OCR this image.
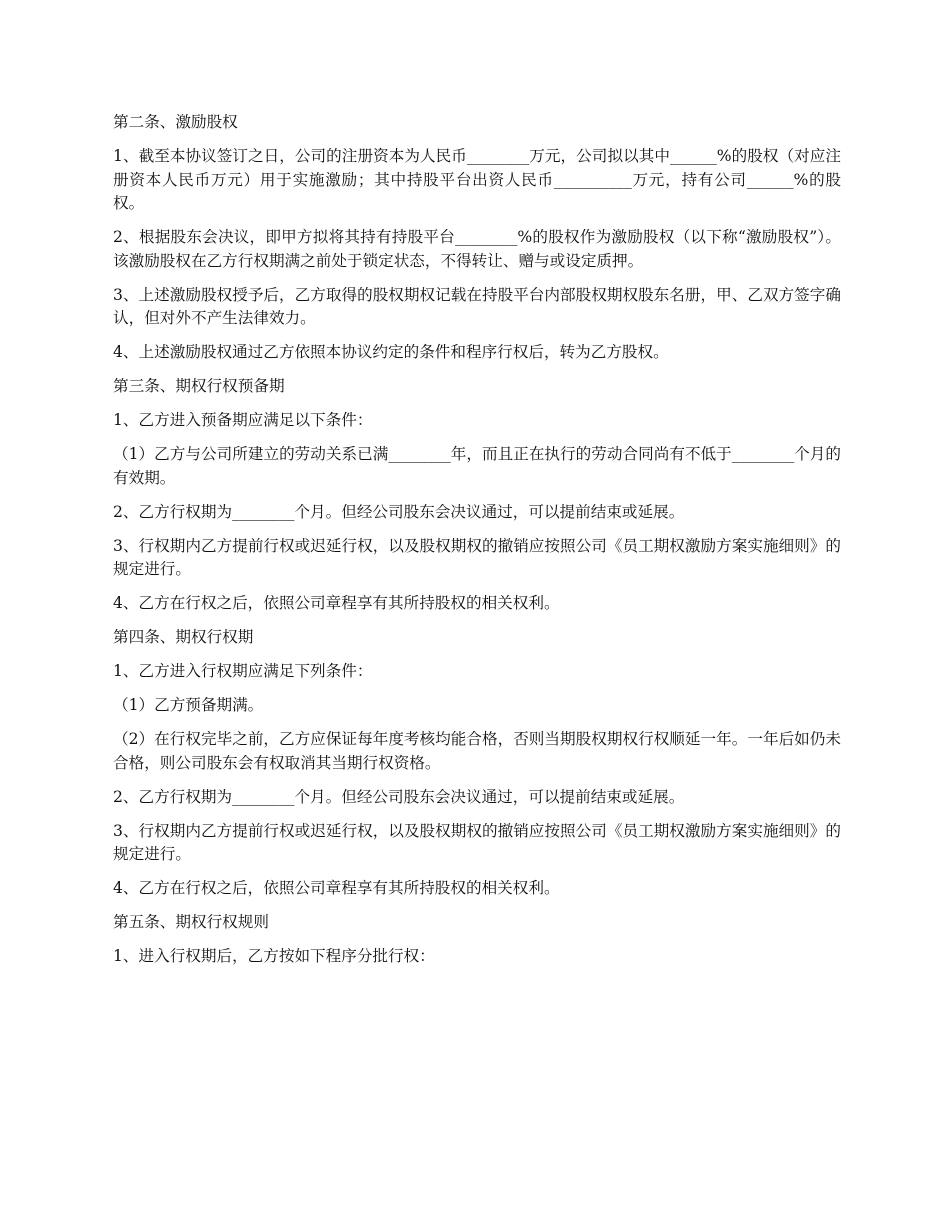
第二条、激励股权

1、截至本协议签订之日，公司的注册资本为人民币________万元，公司拟以其中______%的股权（对应注册资本人民币万元）用于实施激励；其中持股平台出资人民币__________万元，持有公司______%的股权。

2、根据股东会决议，即甲方拟将其持有持股平台________%的股权作为激励股权（以下称“激励股权”）。该激励股权在乙方行权期满之前处于锁定状态，不得转让、赠与或设定质押。

3、上述激励股权授予后，乙方取得的股权期权记载在持股平台内部股权期权股东名册，甲、乙双方签字确认，但对外不产生法律效力。

4、上述激励股权通过乙方依照本协议约定的条件和程序行权后，转为乙方股权。

第三条、期权行权预备期

1、乙方进入预备期应满足以下条件：

（1）乙方与公司所建立的劳动关系已满________年，而且正在执行的劳动合同尚有不低于________个月的有效期。

2、乙方行权期为________个月。但经公司股东会决议通过，可以提前结束或延展。

3、行权期内乙方提前行权或迟延行权，以及股权期权的撤销应按照公司《员工期权激励方案实施细则》的规定进行。

4、乙方在行权之后，依照公司章程享有其所持股权的相关权利。

第四条、期权行权期

1、乙方进入行权期应满足下列条件：

（1）乙方预备期满。

（2）在行权完毕之前，乙方应保证每年度考核均能合格，否则当期股权期权行权顺延一年。一年后如仍未合格，则公司股东会有权取消其当期行权资格。

2、乙方行权期为________个月。但经公司股东会决议通过，可以提前结束或延展。

3、行权期内乙方提前行权或迟延行权，以及股权期权的撤销应按照公司《员工期权激励方案实施细则》的规定进行。

4、乙方在行权之后，依照公司章程享有其所持股权的相关权利。

第五条、期权行权规则

1、进入行权期后，乙方按如下程序分批行权：
